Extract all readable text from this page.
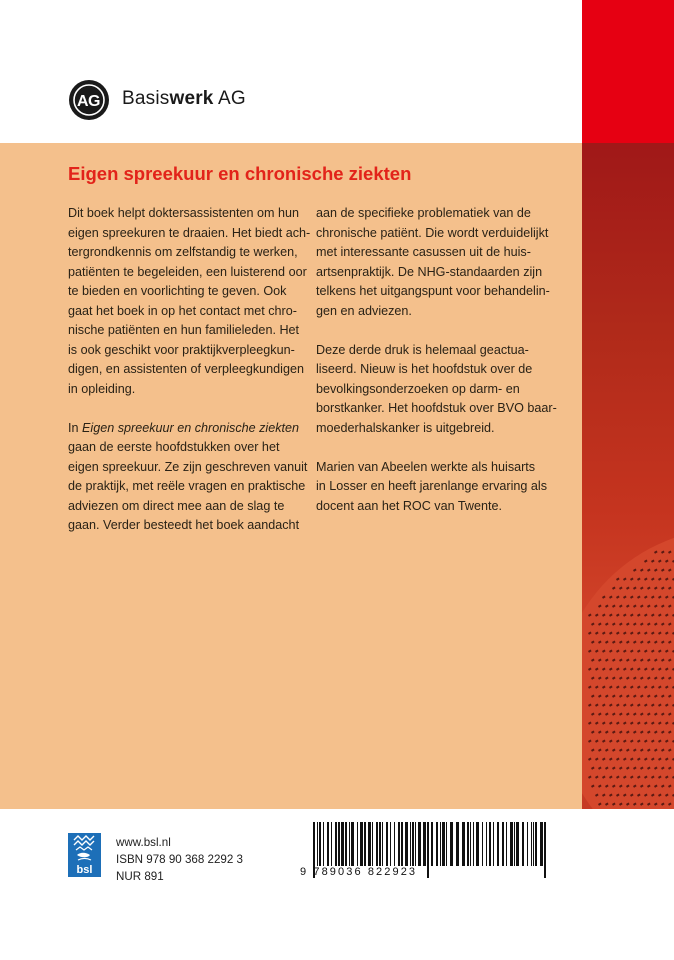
A G Basiswerk AG
Eigen spreekuur en chronische ziekten

Dit boek helpt doktersassistenten om hun
eigen spreekuren te draaien. Het biedt ach-
tergrondkennis om zelfstandig te werken,
patiënten te begeleiden, een luisterend oor
te bieden en voorlichting te geven. Ook
gaat het boek in op het contact met chro-
nische patiënten en hun familieleden. Het
is ook geschikt voor praktijkverpleegkun-
digen, en assistenten of verpleegkundigen
in opleiding.

In Eigen spreekuur en chronische ziekten
gaan de eerste hoofdstukken over het
eigen spreekuur. Ze zijn geschreven vanuit
de praktijk, met reële vragen en praktische
adviezen om direct mee aan de slag te
gaan. Verder besteedt het boek aandacht

aan de specifieke problematiek van de
chronische patiënt. Die wordt verduidelijkt
met interessante casussen uit de huis-
artsenpraktijk. De NHG-standaarden zijn
telkens het uitgangspunt voor behandelin-
gen en adviezen.

Deze derde druk is helemaal geactua-
liseerd. Nieuw is het hoofdstuk over de
bevolkingsonderzoeken op darm- en
borstkanker. Het hoofdstuk over BVO baar-
moederhalskanker is uitgebreid.

Marien van Abeelen werkte als huisarts
in Losser en heeft jarenlange ervaring als
docent aan het ROC van Twente.

bsl
www.bsl.nl
ISBN 978 90 368 2292 3
NUR 891	9 789036 822923
